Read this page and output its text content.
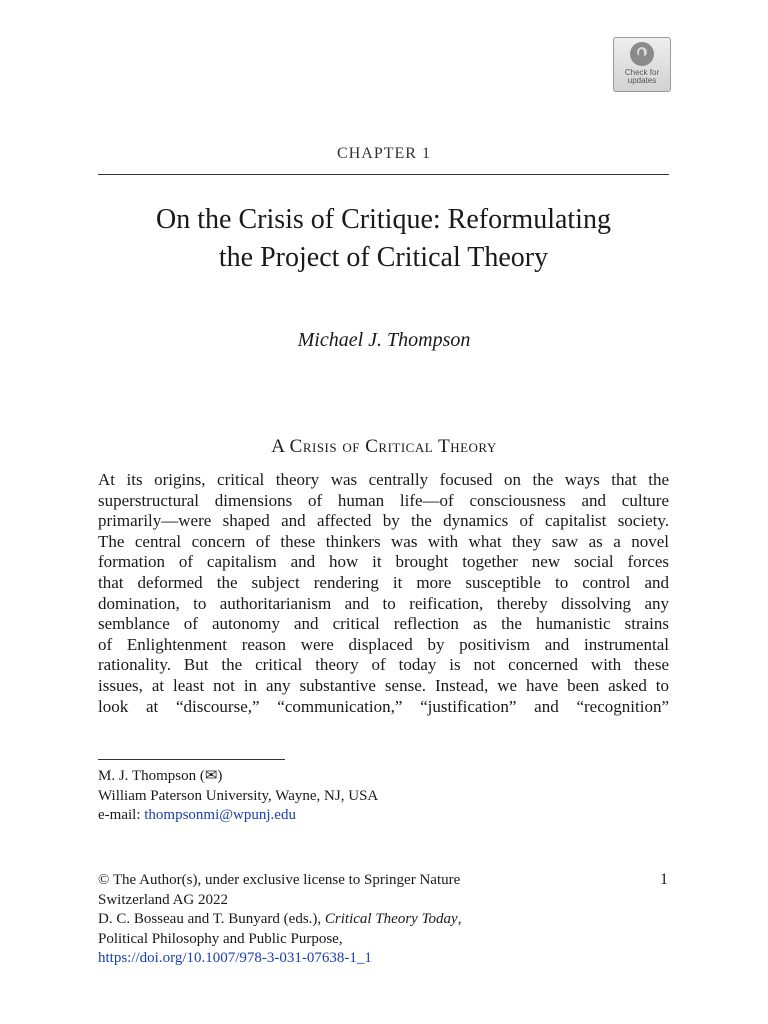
Check for
updates
CHAPTER 1
On the Crisis of Critique: Reformulating
the Project of Critical Theory
Michael J. Thompson
A Crisis of Critical Theory
At its origins, critical theory was centrally focused on the ways that the
superstructural dimensions of human life—of consciousness and culture
primarily—were shaped and affected by the dynamics of capitalist society.
The central concern of these thinkers was with what they saw as a novel
formation of capitalism and how it brought together new social forces
that deformed the subject rendering it more susceptible to control and
domination, to authoritarianism and to reification, thereby dissolving any
semblance of autonomy and critical reflection as the humanistic strains
of Enlightenment reason were displaced by positivism and instrumental
rationality. But the critical theory of today is not concerned with these
issues, at least not in any substantive sense. Instead, we have been asked to
look at “discourse,” “communication,” “justification” and “recognition”
M. J. Thompson (✉)
William Paterson University, Wayne, NJ, USA
e-mail: thompsonmi@wpunj.edu
© The Author(s), under exclusive license to Springer Nature
Switzerland AG 2022
D. C. Bosseau and T. Bunyard (eds.), Critical Theory Today,
Political Philosophy and Public Purpose,
https://doi.org/10.1007/978-3-031-07638-1_1
1
